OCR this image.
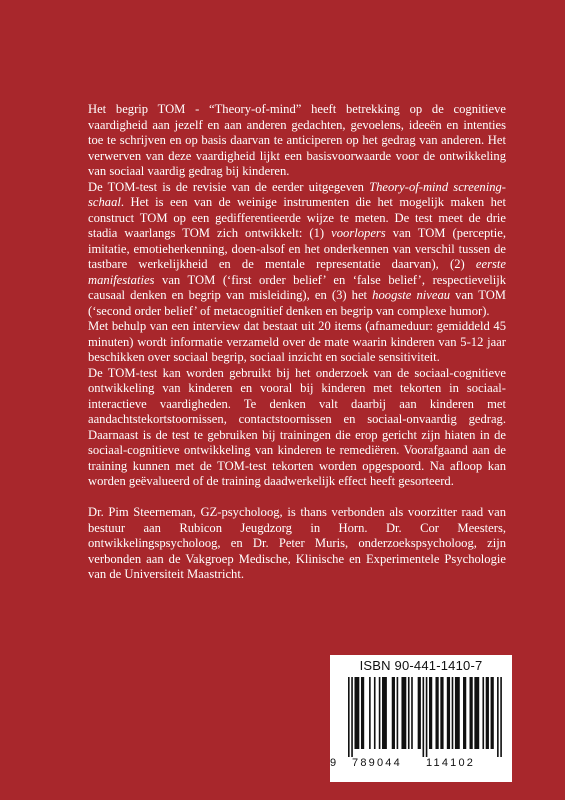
Het begrip TOM - “Theory-of-mind” heeft betrekking op de cognitieve vaardigheid aan jezelf en aan anderen gedachten, gevoelens, ideeën en intenties toe te schrijven en op basis daarvan te anticiperen op het gedrag van anderen. Het verwerven van deze vaardigheid lijkt een basisvoorwaarde voor de ontwikkeling van sociaal vaardig gedrag bij kinderen.

De TOM-test is de revisie van de eerder uitgegeven Theory-of-mind screening-schaal. Het is een van de weinige instrumenten die het mogelijk maken het construct TOM op een gedifferentieerde wijze te meten. De test meet de drie stadia waarlangs TOM zich ontwikkelt: (1) voorlopers van TOM (perceptie, imitatie, emotieherkenning, doen-alsof en het onderkennen van verschil tussen de tastbare werkelijkheid en de mentale representatie daarvan), (2) eerste manifestaties van TOM (‘first order belief’ en ‘false belief’, respectievelijk causaal denken en begrip van misleiding), en (3) het hoogste niveau van TOM (‘second order belief’ of metacognitief denken en begrip van complexe humor).

Met behulp van een interview dat bestaat uit 20 items (afnameduur: gemiddeld 45 minuten) wordt informatie verzameld over de mate waarin kinderen van 5-12 jaar beschikken over sociaal begrip, sociaal inzicht en sociale sensitiviteit.

De TOM-test kan worden gebruikt bij het onderzoek van de sociaal-cognitieve ontwikkeling van kinderen en vooral bij kinderen met tekorten in sociaal-interactieve vaardigheden. Te denken valt daarbij aan kinderen met aandachtstekortstoornissen, contactstoornissen en sociaal-onvaardig gedrag. Daarnaast is de test te gebruiken bij trainingen die erop gericht zijn hiaten in de sociaal-cognitieve ontwikkeling van kinderen te remediëren. Voorafgaand aan de training kunnen met de TOM-test tekorten worden opgespoord. Na afloop kan worden geëvalueerd of de training daadwerkelijk effect heeft gesorteerd.

Dr. Pim Steerneman, GZ-psycholoog, is thans verbonden als voorzitter raad van bestuur aan Rubicon Jeugdzorg in Horn. Dr. Cor Meesters, ontwikkelingspsycholoog, en Dr. Peter Muris, onderzoekspsycholoog, zijn verbonden aan de Vakgroep Medische, Klinische en Experimentele Psychologie van de Universiteit Maastricht.

ISBN 90-441-1410-7
9 789044 114102
